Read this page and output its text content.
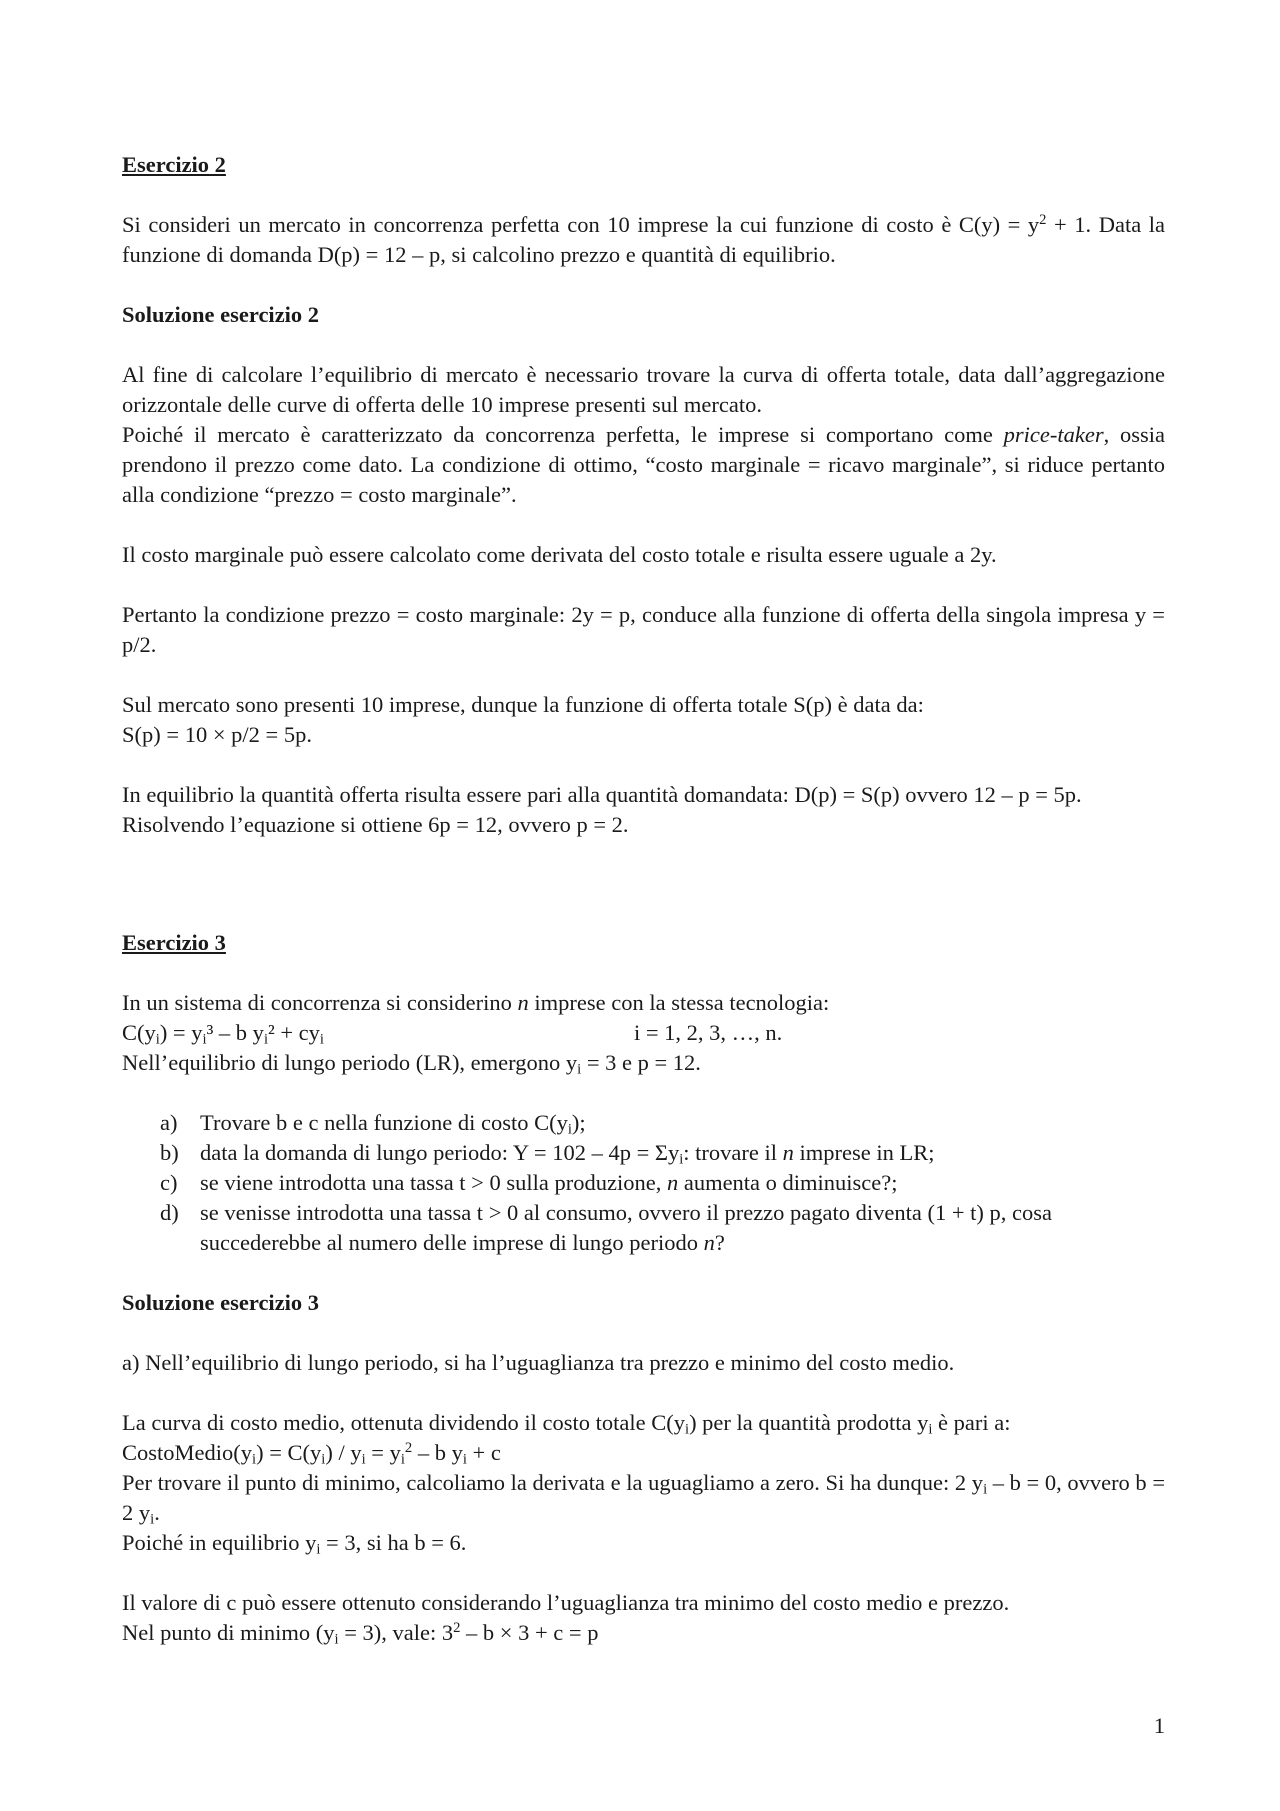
Esercizio 2

Si consideri un mercato in concorrenza perfetta con 10 imprese la cui funzione di costo è $C(y) = y^2 + 1$. Data la funzione di domanda D(p) = 12 – p, si calcolino prezzo e quantità di equilibrio.

Soluzione esercizio 2

Al fine di calcolare l’equilibrio di mercato è necessario trovare la curva di offerta totale, data dall’aggregazione orizzontale delle curve di offerta delle 10 imprese presenti sul mercato.

Poiché il mercato è caratterizzato da concorrenza perfetta, le imprese si comportano come price-taker, ossia prendono il prezzo come dato. La condizione di ottimo, “costo marginale = ricavo marginale”, si riduce pertanto alla condizione “prezzo = costo marginale”.

Il costo marginale può essere calcolato come derivata del costo totale e risulta essere uguale a 2y.

Pertanto la condizione prezzo = costo marginale: 2y = p, conduce alla funzione di offerta della singola impresa y = p/2.

Sul mercato sono presenti 10 imprese, dunque la funzione di offerta totale S(p) è data da:

S(p) = 10 × p/2 = 5p.

In equilibrio la quantità offerta risulta essere pari alla quantità domandata: D(p) = S(p) ovvero 12 – p = 5p.

Risolvendo l’equazione si ottiene 6p = 12, ovvero p = 2.

Esercizio 3

In un sistema di concorrenza si considerino n imprese con la stessa tecnologia:

$C(y_i) = y_i^3 - b$ $y_i^2 + cy_i$	i = 1, 2, 3, …, n.

Nell’equilibrio di lungo periodo (LR), emergono $y_i = 3$ e p = 12.

a) Trovare b e c nella funzione di costo $C(y_i)$;
b) data la domanda di lungo periodo: $Y = 102 - 4p = \Sigma y_i$: trovare il n imprese in LR;
c) se viene introdotta una tassa t > 0 sulla produzione, n aumenta o diminuisce?;
d) se venisse introdotta una tassa t > 0 al consumo, ovvero il prezzo pagato diventa (1 + t) p, cosa succederebbe al numero delle imprese di lungo periodo n?

Soluzione esercizio 3

a) Nell’equilibrio di lungo periodo, si ha l’uguaglianza tra prezzo e minimo del costo medio.

La curva di costo medio, ottenuta dividendo il costo totale $C(y_i)$ per la quantità prodotta $y_i$ è pari a:

$CostoMedio(y_i) = C(y_i) / y_i = y_i^2 - b$ $y_i + c$

Per trovare il punto di minimo, calcoliamo la derivata e la uguagliamo a zero. Si ha dunque: 2 $y_i - b = 0$, ovvero b = 2 $y_i$.

Poiché in equilibrio $y_i = 3$, si ha b = 6.

Il valore di c può essere ottenuto considerando l’uguaglianza tra minimo del costo medio e prezzo.

Nel punto di minimo $(y_i = 3)$, vale: $3^2 - b \times 3 + c = p$

1
